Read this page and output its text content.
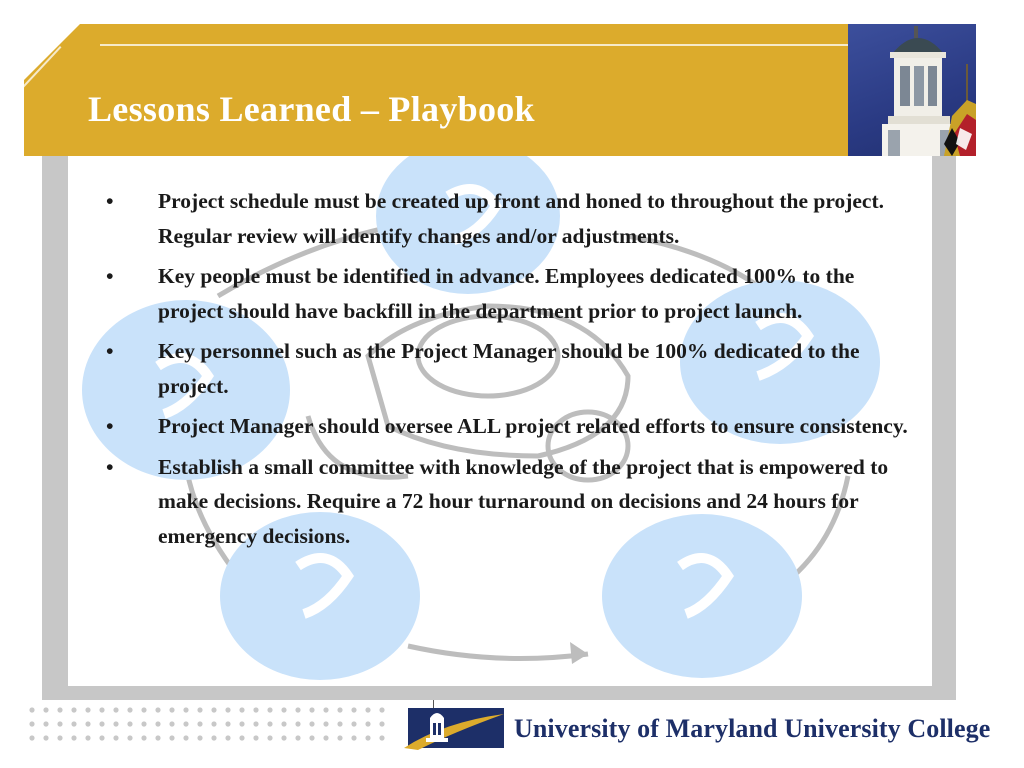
Lessons Learned – Playbook
• Project schedule must be created up front and honed to throughout the project. Regular review will identify changes and/or adjustments.
• Key people must be identified in advance. Employees dedicated 100% to the project should have backfill in the department prior to project launch.
• Key personnel such as the Project Manager should be 100% dedicated to the project.
• Project Manager should oversee ALL project related efforts to ensure consistency.
• Establish a small committee with knowledge of the project that is empowered to make decisions. Require a 72 hour turnaround on decisions and 24 hours for emergency decisions.
University of Maryland University College
